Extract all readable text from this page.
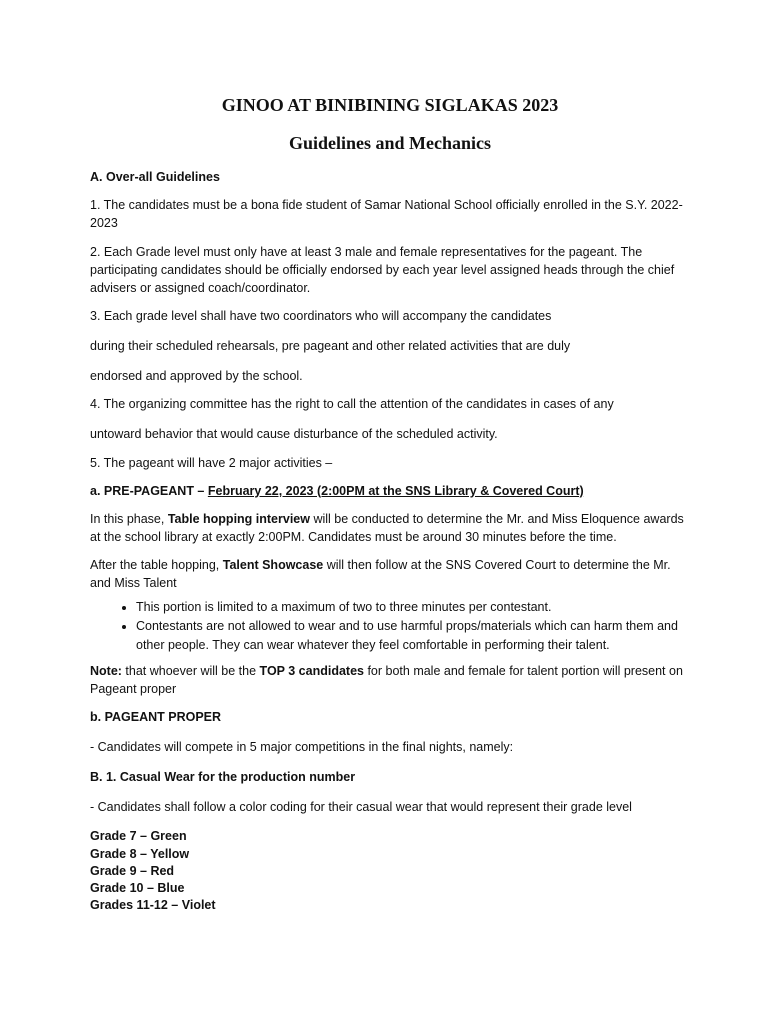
GINOO AT BINIBINING SIGLAKAS 2023
Guidelines and Mechanics

A. Over-all Guidelines

1. The candidates must be a bona fide student of Samar National School officially enrolled in the S.Y. 2022-2023

2. Each Grade level must only have at least 3 male and female representatives for the pageant. The participating candidates should be officially endorsed by each year level assigned heads through the chief advisers or assigned coach/coordinator.

3. Each grade level shall have two coordinators who will accompany the candidates

during their scheduled rehearsals, pre pageant and other related activities that are duly

endorsed and approved by the school.

4. The organizing committee has the right to call the attention of the candidates in cases of any

untoward behavior that would cause disturbance of the scheduled activity.

5. The pageant will have 2 major activities –

a. PRE-PAGEANT – February 22, 2023 (2:00PM at the SNS Library & Covered Court)

In this phase, Table hopping interview will be conducted to determine the Mr. and Miss Eloquence awards at the school library at exactly 2:00PM. Candidates must be around 30 minutes before the time.

After the table hopping, Talent Showcase will then follow at the SNS Covered Court to determine the Mr. and Miss Talent

• This portion is limited to a maximum of two to three minutes per contestant.
• Contestants are not allowed to wear and to use harmful props/materials which can harm them and other people. They can wear whatever they feel comfortable in performing their talent.

Note: that whoever will be the TOP 3 candidates for both male and female for talent portion will present on Pageant proper

b. PAGEANT PROPER

- Candidates will compete in 5 major competitions in the final nights, namely:

B. 1. Casual Wear for the production number

- Candidates shall follow a color coding for their casual wear that would represent their grade level

Grade 7 – Green
Grade 8 – Yellow
Grade 9 – Red
Grade 10 – Blue
Grades 11-12 – Violet
